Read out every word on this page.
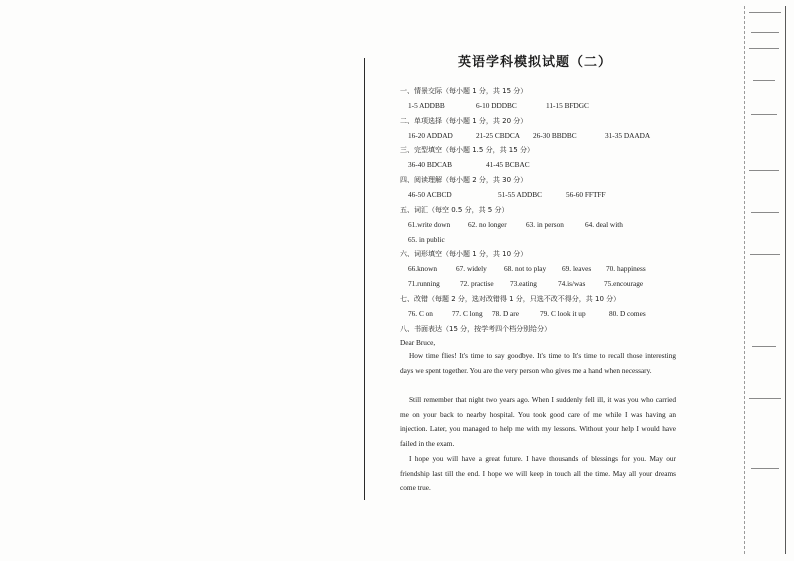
英语学科模拟试题（二）
一、情景交际（每小题 1 分，共 15 分）
1-5 ADDBB	6-10 DDDBC	11-15 BFDGC
二、单项选择（每小题 1 分，共 20 分）
16-20 ADDAD	21-25 CBDCA 26-30 BBDBC	31-35 DAADA
三、完型填空（每小题 1.5 分，共 15 分）
36-40 BDCAB	41-45 BCBAC
四、阅读理解（每小题 2 分，共 30 分）
46-50 ACBCD	51-55 ADDBC	56-60 FFTFF
五、词汇（每空 0.5 分，共 5 分）
61.write down 62. no longer	63. in person	64. deal with
65. in public
六、词形填空（每小题 1 分，共 10 分）
66.known	67. widely 68. not to play 69. leaves 70. happiness
71.running	72. practise 73.eating	74.is/was	75.encourage
七、改错（每题 2 分，选对改错得 1 分，只选不改不得分，共 10 分）
76. C on	77. C long 78. D are	79. C look it up	80. D comes
八、书面表达（15 分，按学考四个档分别给分）
Dear Bruce,

How time flies! It's time to say goodbye. It's time to It's time to recall those interesting days we spent together. You are the very person who gives me a hand when necessary.

Still remember that night two years ago. When I suddenly fell ill, it was you who carried me on your back to nearby hospital. You took good care of me while I was having an injection. Later, you managed to help me with my lessons. Without your help I would have failed in the exam.

I hope you will have a great future. I have thousands of blessings for you. May our friendship last till the end. I hope we will keep in touch all the time. May all your dreams come true.
